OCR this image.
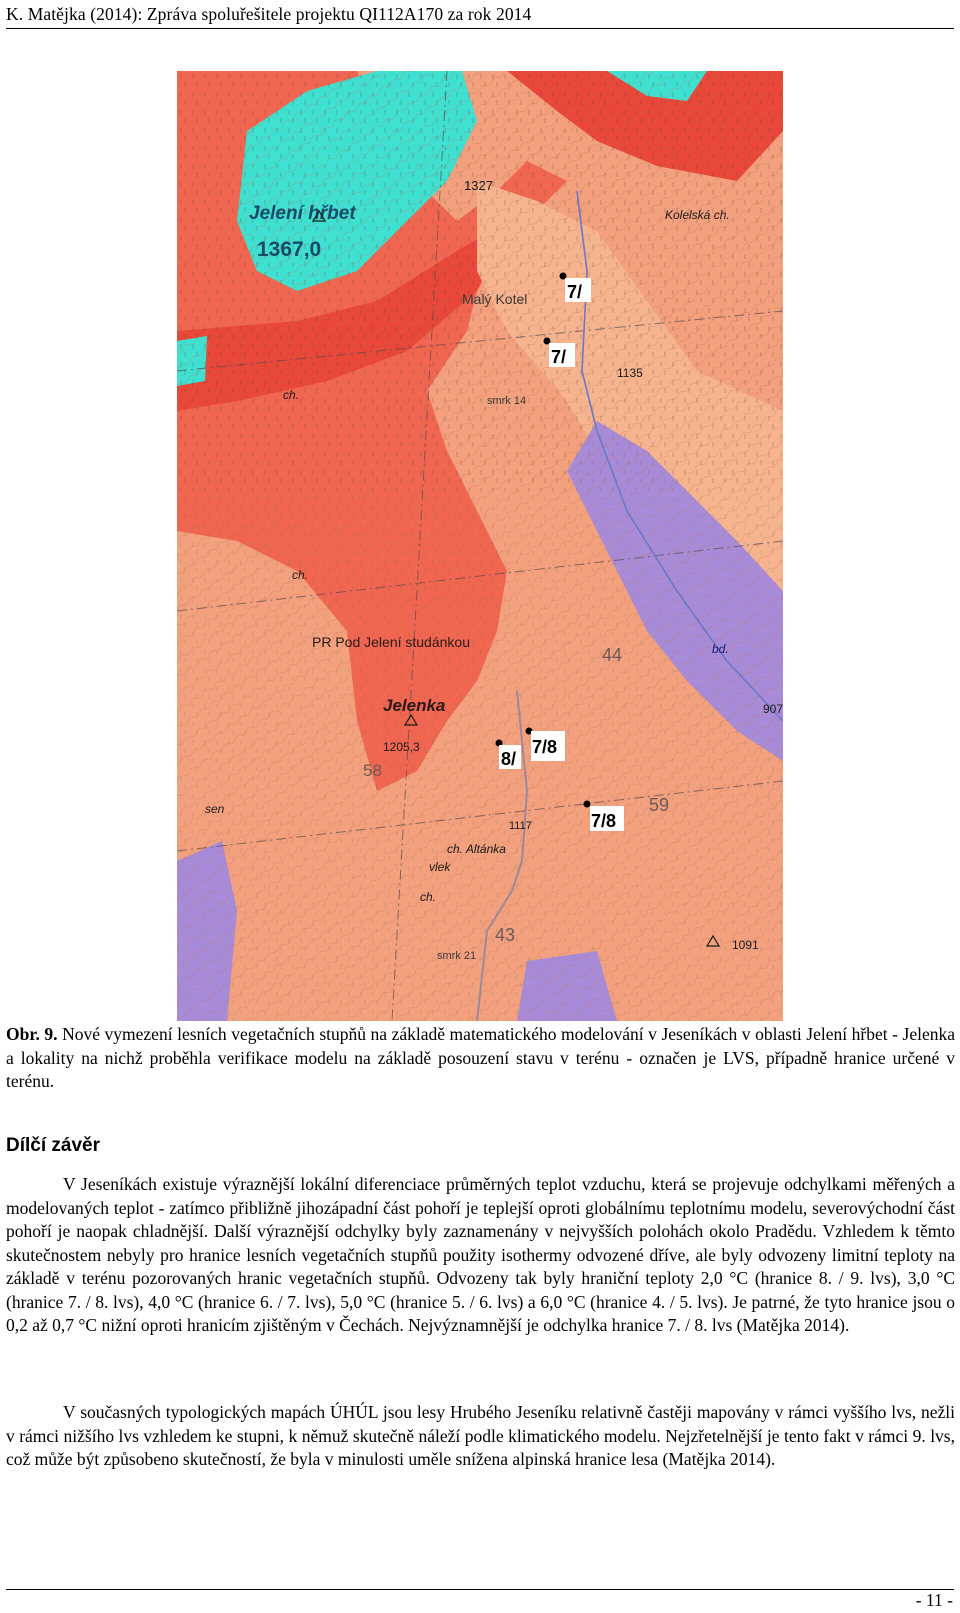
K. Matějka (2014): Zpráva spoluřešitele projektu QI112A170 za rok 2014
Jelení hřbet
1367,0
1327
Kolelská ch.
Malý Kotel
ch.	smrk 14
1135
ch.
PR Pod Jelení studánkou
44	bd.
907
Jelenka
1205,3
58
59
sen
1117
ch. Altánka
vlek
ch.
43
smrk 21
1091
7/
7/
8/
7/8
7/8
Obr. 9. Nové vymezení lesních vegetačních stupňů na základě matematického modelování v Jeseníkách v oblasti Jelení hřbet - Jelenka a lokality na nichž proběhla verifikace modelu na základě posouzení stavu v terénu - označen je LVS, případně hranice určené v terénu.
Dílčí závěr

V Jeseníkách existuje výraznější lokální diferenciace průměrných teplot vzduchu, která se projevuje odchylkami měřených a modelovaných teplot - zatímco přibližně jihozápadní část pohoří je teplejší oproti globálnímu teplotnímu modelu, severovýchodní část pohoří je naopak chladnější. Další výraznější odchylky byly zaznamenány v nejvyšších polohách okolo Pradědu. Vzhledem k těmto skutečnostem nebyly pro hranice lesních vegetačních stupňů použity isothermy odvozené dříve, ale byly odvozeny limitní teploty na základě v terénu pozorovaných hranic vegetačních stupňů. Odvozeny tak byly hraniční teploty 2,0 °C (hranice 8. / 9. lvs), 3,0 °C (hranice 7. / 8. lvs), 4,0 °C (hranice 6. / 7. lvs), 5,0 °C (hranice 5. / 6. lvs) a 6,0 °C (hranice 4. / 5. lvs). Je patrné, že tyto hranice jsou o 0,2 až 0,7 °C nižní oproti hranicím zjištěným v Čechách. Nejvýznamnější je odchylka hranice 7. / 8. lvs (Matějka 2014).

V současných typologických mapách ÚHÚL jsou lesy Hrubého Jeseníku relativně častěji mapovány v rámci vyššího lvs, nežli v rámci nižšího lvs vzhledem ke stupni, k němuž skutečně náleží podle klimatického modelu. Nejzřetelnější je tento fakt v rámci 9. lvs, což může být způsobeno skutečností, že byla v minulosti uměle snížena alpinská hranice lesa (Matějka 2014).

- 11 -
